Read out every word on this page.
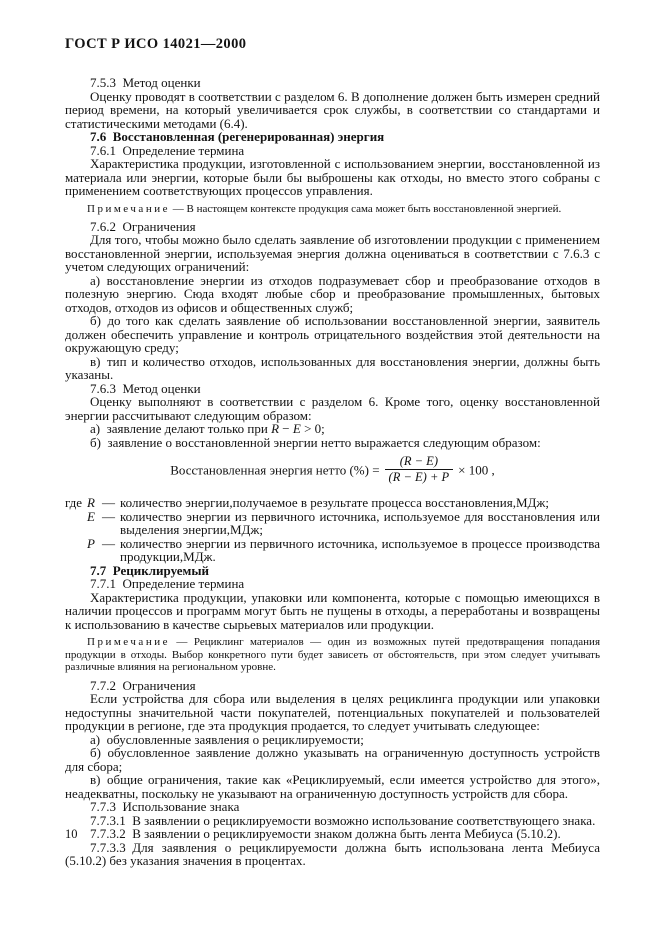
ГОСТ Р ИСО 14021—2000

7.5.3 Метод оценки

Оценку проводят в соответствии с разделом 6. В дополнение должен быть измерен средний период времени, на который увеличивается срок службы, в соответствии со стандартами и статистическими методами (6.4).

7.6 Восстановленная (регенерированная) энергия

7.6.1 Определение термина

Характеристика продукции, изготовленной с использованием энергии, восстановленной из материала или энергии, которые были бы выброшены как отходы, но вместо этого собраны с применением соответствующих процессов управления.

Примечание — В настоящем контексте продукция сама может быть восстановленной энергией.

7.6.2 Ограничения

Для того, чтобы можно было сделать заявление об изготовлении продукции с применением восстановленной энергии, используемая энергия должна оцениваться в соответствии с 7.6.3 с учетом следующих ограничений:

а) восстановление энергии из отходов подразумевает сбор и преобразование отходов в полезную энергию. Сюда входят любые сбор и преобразование промышленных, бытовых отходов, отходов из офисов и общественных служб;

б) до того как сделать заявление об использовании восстановленной энергии, заявитель должен обеспечить управление и контроль отрицательного воздействия этой деятельности на окружающую среду;

в) тип и количество отходов, использованных для восстановления энергии, должны быть указаны.

7.6.3 Метод оценки

Оценку выполняют в соответствии с разделом 6. Кроме того, оценку восстановленной энергии рассчитывают следующим образом:

а) заявление делают только при R − E > 0;

б) заявление о восстановленной энергии нетто выражается следующим образом:

Восстановленная энергия нетто (%) = $\frac{(R - E)}{(R - E) + P} \times 100$ ,
где R — количество энергии,получаемое в результате процесса восстановления,МДж;
E — количество энергии из первичного источника, используемое для восстановления или выделения энергии,МДж;
P — количество энергии из первичного источника, используемое в процессе производства продукции,МДж.

7.7 Рециклируемый

7.7.1 Определение термина

Характеристика продукции, упаковки или компонента, которые с помощью имеющихся в наличии процессов и программ могут быть не пущены в отходы, а переработаны и возвращены к использованию в качестве сырьевых материалов или продукции.

Примечание — Рециклинг материалов — один из возможных путей предотвращения попадания продукции в отходы. Выбор конкретного пути будет зависеть от обстоятельств, при этом следует учитывать различные влияния на региональном уровне.

7.7.2 Ограничения

Если устройства для сбора или выделения в целях рециклинга продукции или упаковки недоступны значительной части покупателей, потенциальных покупателей и пользователей продукции в регионе, где эта продукция продается, то следует учитывать следующее:

а) обусловленные заявления о рециклируемости;

б) обусловленное заявление должно указывать на ограниченную доступность устройств для сбора;

в) общие ограничения, такие как «Рециклируемый, если имеется устройство для этого», неадекватны, поскольку не указывают на ограниченную доступность устройств для сбора.

7.7.3 Использование знака

7.7.3.1 В заявлении о рециклируемости возможно использование соответствующего знака.

7.7.3.2 В заявлении о рециклируемости знаком должна быть лента Мебиуса (5.10.2).

7.7.3.3 Для заявления о рециклируемости должна быть использована лента Мебиуса (5.10.2) без указания значения в процентах.

10
